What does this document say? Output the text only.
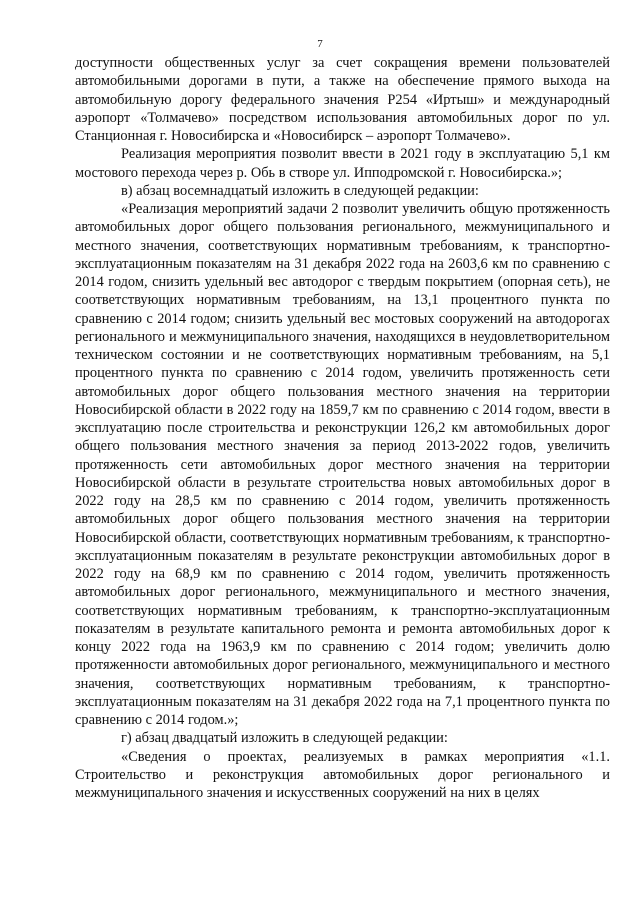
7

доступности общественных услуг за счет сокращения времени пользователей автомобильными дорогами в пути, а также на обеспечение прямого выхода на автомобильную дорогу федерального значения Р254 «Иртыш» и международный аэропорт «Толмачево» посредством использования автомобильных дорог по ул. Станционная г. Новосибирска и «Новосибирск – аэропорт Толмачево».

Реализация мероприятия позволит ввести в 2021 году в эксплуатацию 5,1 км мостового перехода через р. Обь в створе ул. Ипподромской г. Новосибирска.»;

в) абзац восемнадцатый изложить в следующей редакции:

«Реализация мероприятий задачи 2 позволит увеличить общую протяженность автомобильных дорог общего пользования регионального, межмуниципального и местного значения, соответствующих нормативным требованиям, к транспортно-эксплуатационным показателям на 31 декабря 2022 года на 2603,6 км по сравнению с 2014 годом, снизить удельный вес автодорог с твердым покрытием (опорная сеть), не соответствующих нормативным требованиям, на 13,1 процентного пункта по сравнению с 2014 годом; снизить удельный вес мостовых сооружений на автодорогах регионального и межмуниципального значения, находящихся в неудовлетворительном техническом состоянии и не соответствующих нормативным требованиям, на 5,1 процентного пункта по сравнению с 2014 годом, увеличить протяженность сети автомобильных дорог общего пользования местного значения на территории Новосибирской области в 2022 году на 1859,7 км по сравнению с 2014 годом, ввести в эксплуатацию после строительства и реконструкции 126,2 км автомобильных дорог общего пользования местного значения за период 2013-2022 годов, увеличить протяженность сети автомобильных дорог местного значения на территории Новосибирской области в результате строительства новых автомобильных дорог в 2022 году на 28,5 км по сравнению с 2014 годом, увеличить протяженность автомобильных дорог общего пользования местного значения на территории Новосибирской области, соответствующих нормативным требованиям, к транспортно-эксплуатационным показателям в результате реконструкции автомобильных дорог в 2022 году на 68,9 км по сравнению с 2014 годом, увеличить протяженность автомобильных дорог регионального, межмуниципального и местного значения, соответствующих нормативным требованиям, к транспортно-эксплуатационным показателям в результате капитального ремонта и ремонта автомобильных дорог к концу 2022 года на 1963,9 км по сравнению с 2014 годом; увеличить долю протяженности автомобильных дорог регионального, межмуниципального и местного значения, соответствующих нормативным требованиям, к транспортно-эксплуатационным показателям на 31 декабря 2022 года на 7,1 процентного пункта по сравнению с 2014 годом.»;

г) абзац двадцатый изложить в следующей редакции:

«Сведения о проектах, реализуемых в рамках мероприятия «1.1. Строительство и реконструкция автомобильных дорог регионального и межмуниципального значения и искусственных сооружений на них в целях
